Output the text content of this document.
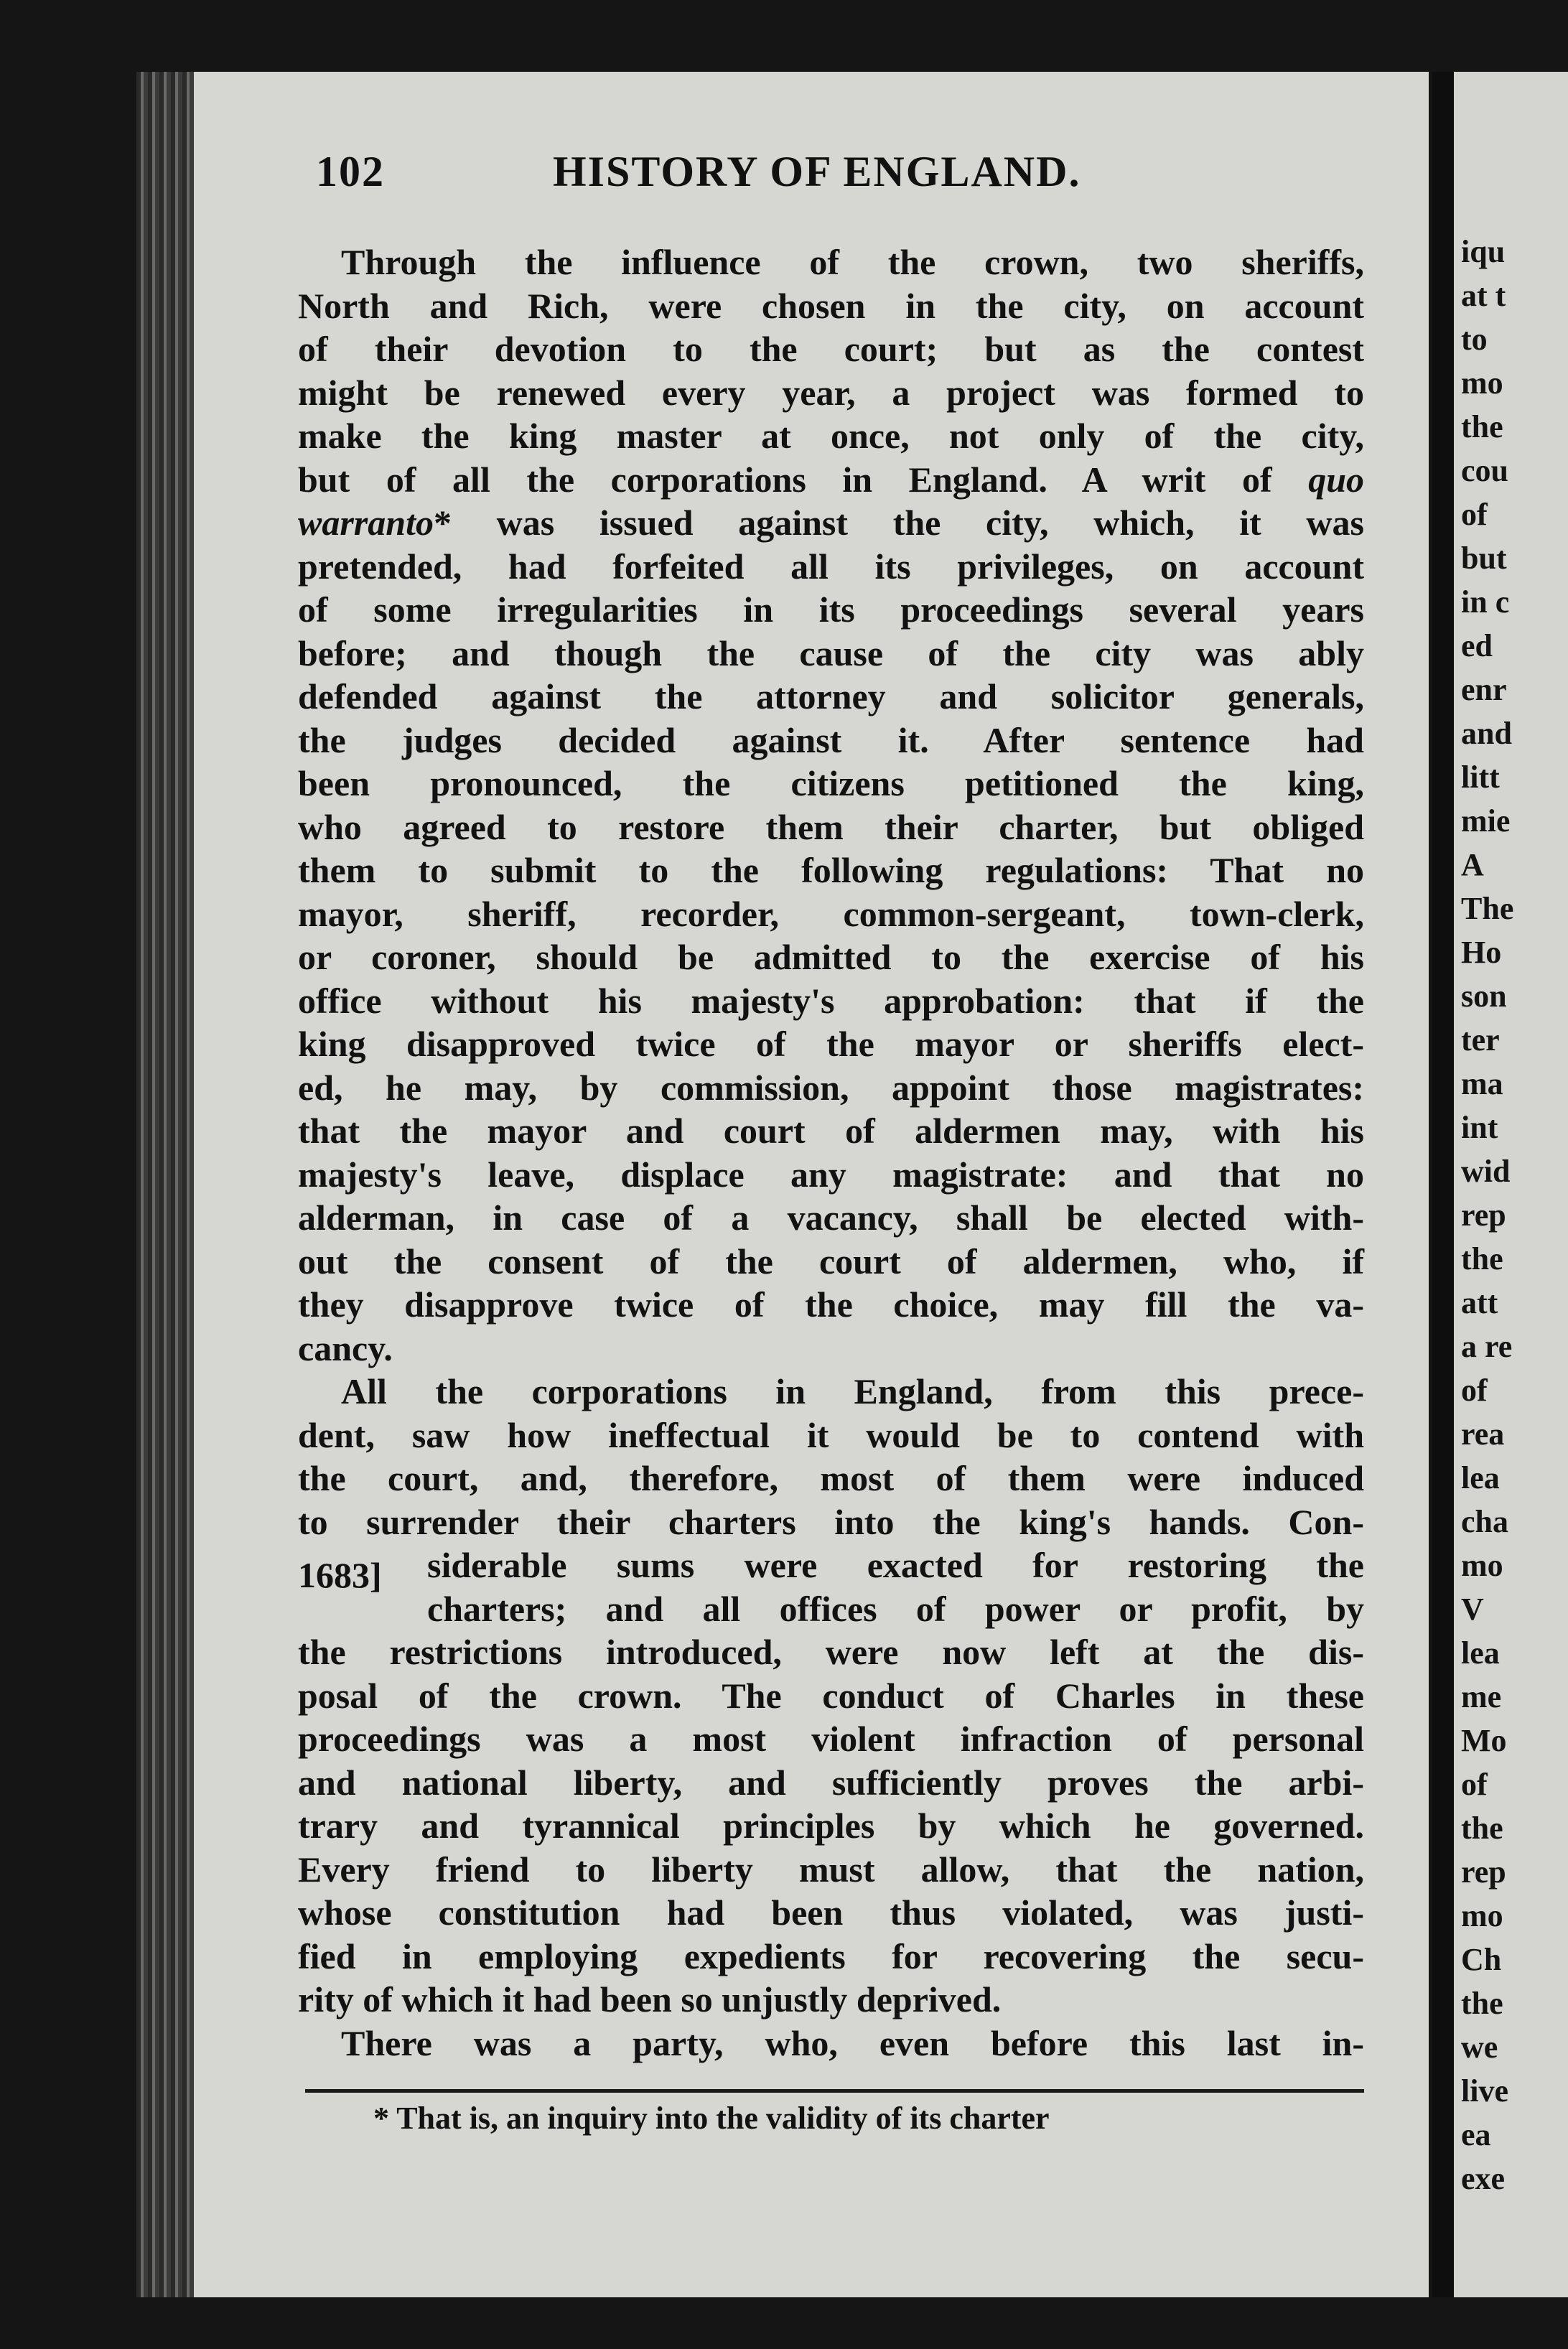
iqu
at t
to
mo
the
cou
of
but
in c
ed
enr
and
litt
mie
A
The
Ho
son
ter
ma
int
wid
rep
the
att
a re
of
rea
lea
cha
mo
V
lea
me
Mo
of
the
rep
mo
Ch
the
we
live
ea
exe
102	HISTORY OF ENGLAND.
Through the influence of the crown, two sheriffs,
North and Rich, were chosen in the city, on account
of their devotion to the court; but as the contest
might be renewed every year, a project was formed to
make the king master at once, not only of the city,
but of all the corporations in England. A writ of quo
warranto* was issued against the city, which, it was
pretended, had forfeited all its privileges, on account
of some irregularities in its proceedings several years
before; and though the cause of the city was ably
defended against the attorney and solicitor generals,
the judges decided against it. After sentence had
been pronounced, the citizens petitioned the king,
who agreed to restore them their charter, but obliged
them to submit to the following regulations: That no
mayor, sheriff, recorder, common-sergeant, town-clerk,
or coroner, should be admitted to the exercise of his
office without his majesty's approbation: that if the
king disapproved twice of the mayor or sheriffs elect-
ed, he may, by commission, appoint those magistrates:
that the mayor and court of aldermen may, with his
majesty's leave, displace any magistrate: and that no
alderman, in case of a vacancy, shall be elected with-
out the consent of the court of aldermen, who, if
they disapprove twice of the choice, may fill the va-
cancy.
All the corporations in England, from this prece-
dent, saw how ineffectual it would be to contend with
the court, and, therefore, most of them were induced
to surrender their charters into the king's hands. Con-
siderable sums were exacted for restoring the
charters; and all offices of power or profit, by
the restrictions introduced, were now left at the dis-
posal of the crown. The conduct of Charles in these
proceedings was a most violent infraction of personal
and national liberty, and sufficiently proves the arbi-
trary and tyrannical principles by which he governed.
Every friend to liberty must allow, that the nation,
whose constitution had been thus violated, was justi-
fied in employing expedients for recovering the secu-
rity of which it had been so unjustly deprived.
There was a party, who, even before this last in-
1683]
* That is, an inquiry into the validity of its charter
